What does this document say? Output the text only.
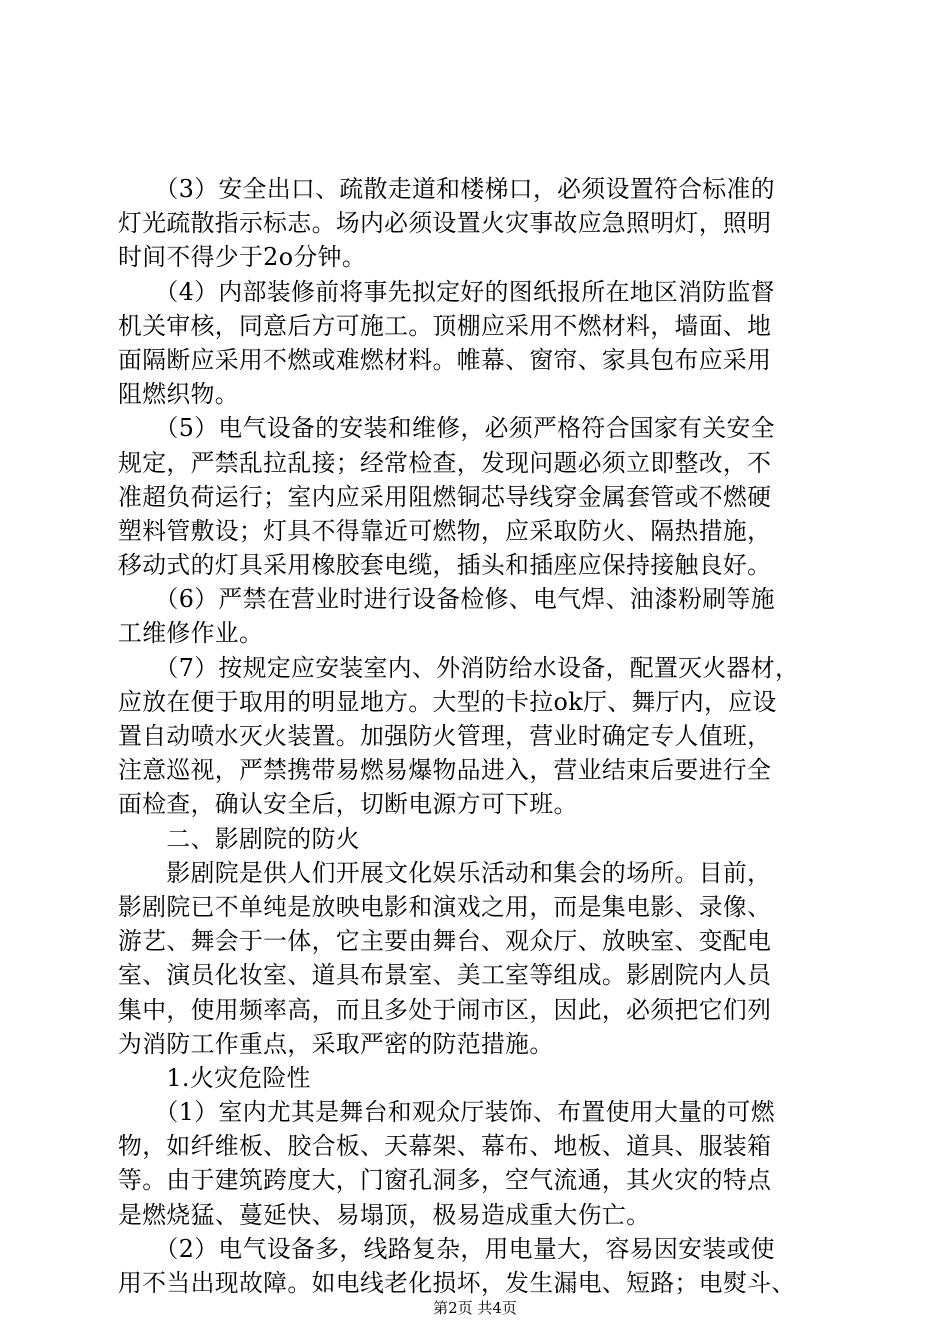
　　（3）安全出口、疏散走道和楼梯口，必须设置符合标准的
灯光疏散指示标志。场内必须设置火灾事故应急照明灯，照明
时间不得少于2o分钟。
　　（4）内部装修前将事先拟定好的图纸报所在地区消防监督
机关审核，同意后方可施工。顶棚应采用不燃材料，墙面、地
面隔断应采用不燃或难燃材料。帷幕、窗帘、家具包布应采用
阻燃织物。
　　（5）电气设备的安装和维修，必须严格符合国家有关安全
规定，严禁乱拉乱接；经常检查，发现问题必须立即整改，不
准超负荷运行；室内应采用阻燃铜芯导线穿金属套管或不燃硬
塑料管敷设；灯具不得靠近可燃物，应采取防火、隔热措施，
移动式的灯具采用橡胶套电缆，插头和插座应保持接触良好。
　　（6）严禁在营业时进行设备检修、电气焊、油漆粉刷等施
工维修作业。
　　（7）按规定应安装室内、外消防给水设备，配置灭火器材，
应放在便于取用的明显地方。大型的卡拉ok厅、舞厅内，应设
置自动喷水灭火装置。加强防火管理，营业时确定专人值班，
注意巡视，严禁携带易燃易爆物品进入，营业结束后要进行全
面检查，确认安全后，切断电源方可下班。
　　二、影剧院的防火
　　影剧院是供人们开展文化娱乐活动和集会的场所。目前，
影剧院已不单纯是放映电影和演戏之用，而是集电影、录像、
游艺、舞会于一体，它主要由舞台、观众厅、放映室、变配电
室、演员化妆室、道具布景室、美工室等组成。影剧院内人员
集中，使用频率高，而且多处于闹市区，因此，必须把它们列
为消防工作重点，采取严密的防范措施。
　　1.火灾危险性
　　（1）室内尤其是舞台和观众厅装饰、布置使用大量的可燃
物，如纤维板、胶合板、天幕架、幕布、地板、道具、服装箱
等。由于建筑跨度大，门窗孔洞多，空气流通，其火灾的特点
是燃烧猛、蔓延快、易塌顶，极易造成重大伤亡。
　　（2）电气设备多，线路复杂，用电量大，容易因安装或使
用不当出现故障。如电线老化损坏，发生漏电、短路；电熨斗、
第2页 共4页
